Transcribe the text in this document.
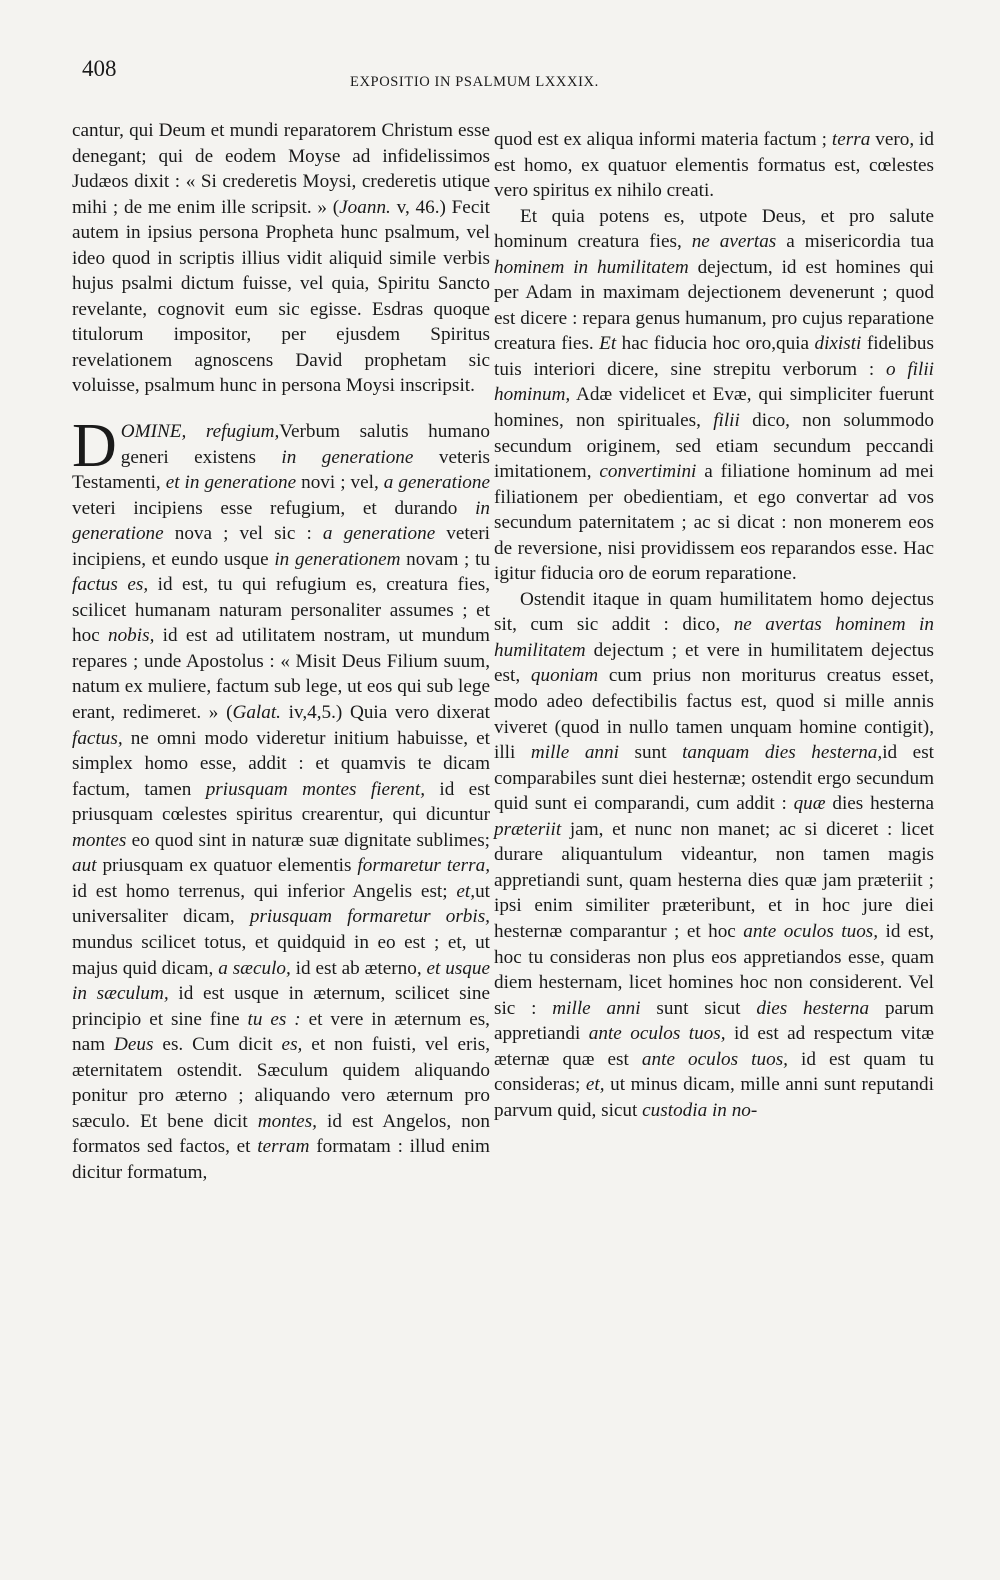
408
EXPOSITIO IN PSALMUM LXXXIX.

cantur, qui Deum et mundi reparatorem Christum esse denegant; qui de eodem Moyse ad infidelissimos Judæos dixit : « Si crederetis Moysi, crederetis utique mihi ; de me enim ille scripsit. » (Joann. v, 46.) Fecit autem in ipsius persona Propheta hunc psalmum, vel ideo quod in scriptis illius vidit aliquid simile verbis hujus psalmi dictum fuisse, vel quia, Spiritu Sancto revelante, cognovit eum sic egisse. Esdras quoque titulorum impositor, per ejusdem Spiritus revelationem agnoscens David prophetam sic voluisse, psalmum hunc in persona Moysi inscripsit.

DOMINE, refugium,Verbum salutis humano generi existens in generatione veteris Testamenti, et in generatione novi ; vel, a generatione veteri incipiens esse refugium, et durando in generatione nova ; vel sic : a generatione veteri incipiens, et eundo usque in generationem novam ; tu factus es, id est, tu qui refugium es, creatura fies, scilicet humanam naturam personaliter assumes ; et hoc nobis, id est ad utilitatem nostram, ut mundum repares ; unde Apostolus : « Misit Deus Filium suum, natum ex muliere, factum sub lege, ut eos qui sub lege erant, redimeret. » (Galat. iv,4,5.) Quia vero dixerat factus, ne omni modo videretur initium habuisse, et simplex homo esse, addit : et quamvis te dicam factum, tamen priusquam montes fierent, id est priusquam cœlestes spiritus crearentur, qui dicuntur montes eo quod sint in naturæ suæ dignitate sublimes; aut priusquam ex quatuor elementis formaretur terra, id est homo terrenus, qui inferior Angelis est; et,ut universaliter dicam, priusquam formaretur orbis, mundus scilicet totus, et quidquid in eo est ; et, ut majus quid dicam, a sæculo, id est ab æterno, et usque in sæculum, id est usque in æternum, scilicet sine principio et sine fine tu es : et vere in æternum es, nam Deus es. Cum dicit es, et non fuisti, vel eris, æternitatem ostendit. Sæculum quidem aliquando ponitur pro æterno ; aliquando vero æternum pro sæculo. Et bene dicit montes, id est Angelos, non formatos sed factos, et terram formatam : illud enim dicitur formatum,

quod est ex aliqua informi materia factum ; terra vero, id est homo, ex quatuor elementis formatus est, cœlestes vero spiritus ex nihilo creati.

Et quia potens es, utpote Deus, et pro salute hominum creatura fies, ne avertas a misericordia tua hominem in humilitatem dejectum, id est homines qui per Adam in maximam dejectionem devenerunt ; quod est dicere : repara genus humanum, pro cujus reparatione creatura fies. Et hac fiducia hoc oro,quia dixisti fidelibus tuis interiori dicere, sine strepitu verborum : o filii hominum, Adæ videlicet et Evæ, qui simpliciter fuerunt homines, non spirituales, filii dico, non solummodo secundum originem, sed etiam secundum peccandi imitationem, convertimini a filiatione hominum ad mei filiationem per obedientiam, et ego convertar ad vos secundum paternitatem ; ac si dicat : non monerem eos de reversione, nisi providissem eos reparandos esse. Hac igitur fiducia oro de eorum reparatione.

Ostendit itaque in quam humilitatem homo dejectus sit, cum sic addit : dico, ne avertas hominem in humilitatem dejectum ; et vere in humilitatem dejectus est, quoniam cum prius non moriturus creatus esset, modo adeo defectibilis factus est, quod si mille annis viveret (quod in nullo tamen unquam homine contigit), illi mille anni sunt tanquam dies hesterna,id est comparabiles sunt diei hesternæ; ostendit ergo secundum quid sunt ei comparandi, cum addit : quæ dies hesterna præteriit jam, et nunc non manet; ac si diceret : licet durare aliquantulum videantur, non tamen magis appretiandi sunt, quam hesterna dies quæ jam præteriit ; ipsi enim similiter præteribunt, et in hoc jure diei hesternæ comparantur ; et hoc ante oculos tuos, id est, hoc tu consideras non plus eos appretiandos esse, quam diem hesternam, licet homines hoc non considerent. Vel sic : mille anni sunt sicut dies hesterna parum appretiandi ante oculos tuos, id est ad respectum vitæ æternæ quæ est ante oculos tuos, id est quam tu consideras; et, ut minus dicam, mille anni sunt reputandi parvum quid, sicut custodia in no-
